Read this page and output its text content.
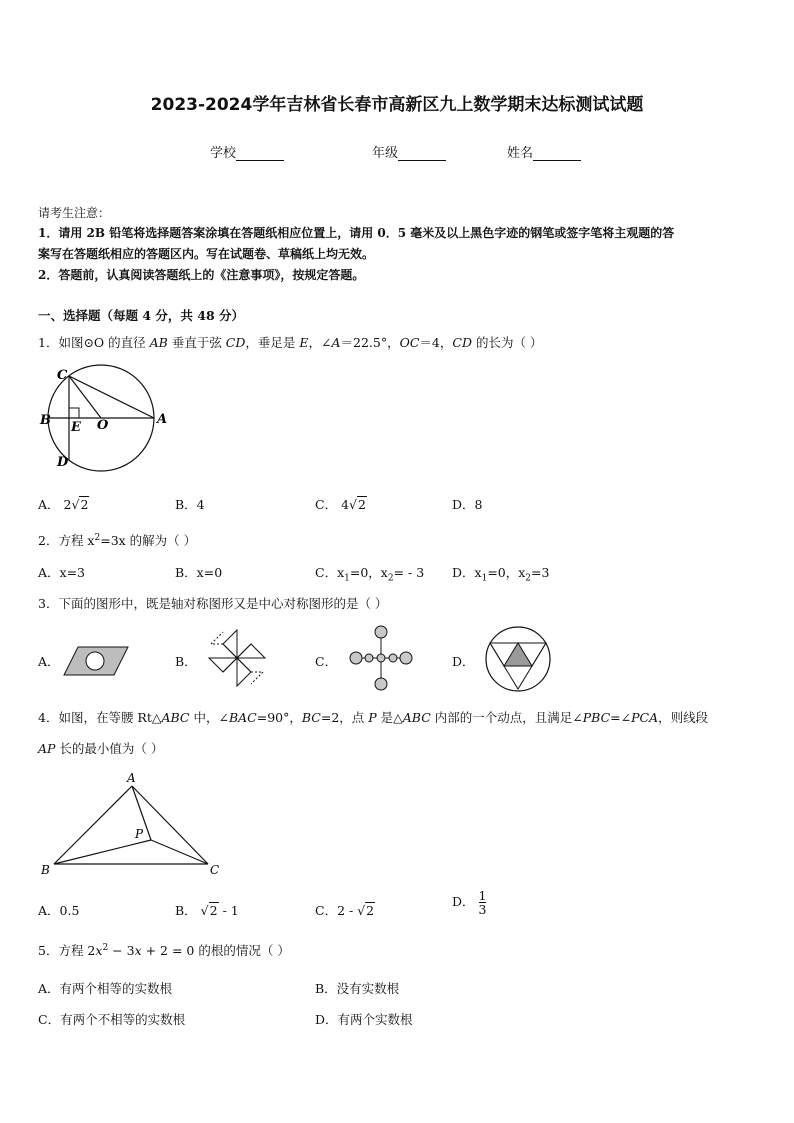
2023-2024学年吉林省长春市高新区九上数学期末达标测试试题
学校	年级	姓名
请考生注意：
1．请用 2B 铅笔将选择题答案涂填在答题纸相应位置上，请用 0．5 毫米及以上黑色字迹的钢笔或签字笔将主观题的答
案写在答题纸相应的答题区内。写在试题卷、草稿纸上均无效。
2．答题前，认真阅读答题纸上的《注意事项》，按规定答题。
一、选择题（每题 4 分，共 48 分）
1．如图⊙O 的直径 AB 垂直于弦 CD，垂足是 E，∠A＝22.5°，OC＝4，CD 的长为（ ）
C
B E O	A
D
A． 2√2	B．4	C． 4√2	D．8
2．方程 $x^2=3x$ 的解为（ ）
A．x=3	B．x=0	C．$x_1=0$，$x_2= - 3$ D．$x_1=0$，$x_2=3$
3．下面的图形中，既是轴对称图形又是中心对称图形的是（ ）
A．	B．	C．	D．
4．如图，在等腰 Rt△ABC 中，∠BAC=90°，BC=2，点 P 是△ABC 内部的一个动点，且满足∠PBC=∠PCA，则线段
AP 长的最小值为（ ）
A
P
B	C
A．0.5	B． √2 - 1	C．2 - √2
D． $\frac{1}{3}$
5．方程 $2x^2 - 3x + 2 = 0$ 的根的情况（ ）
A．有两个相等的实数根	B．没有实数根
C．有两个不相等的实数根	D．有两个实数根
